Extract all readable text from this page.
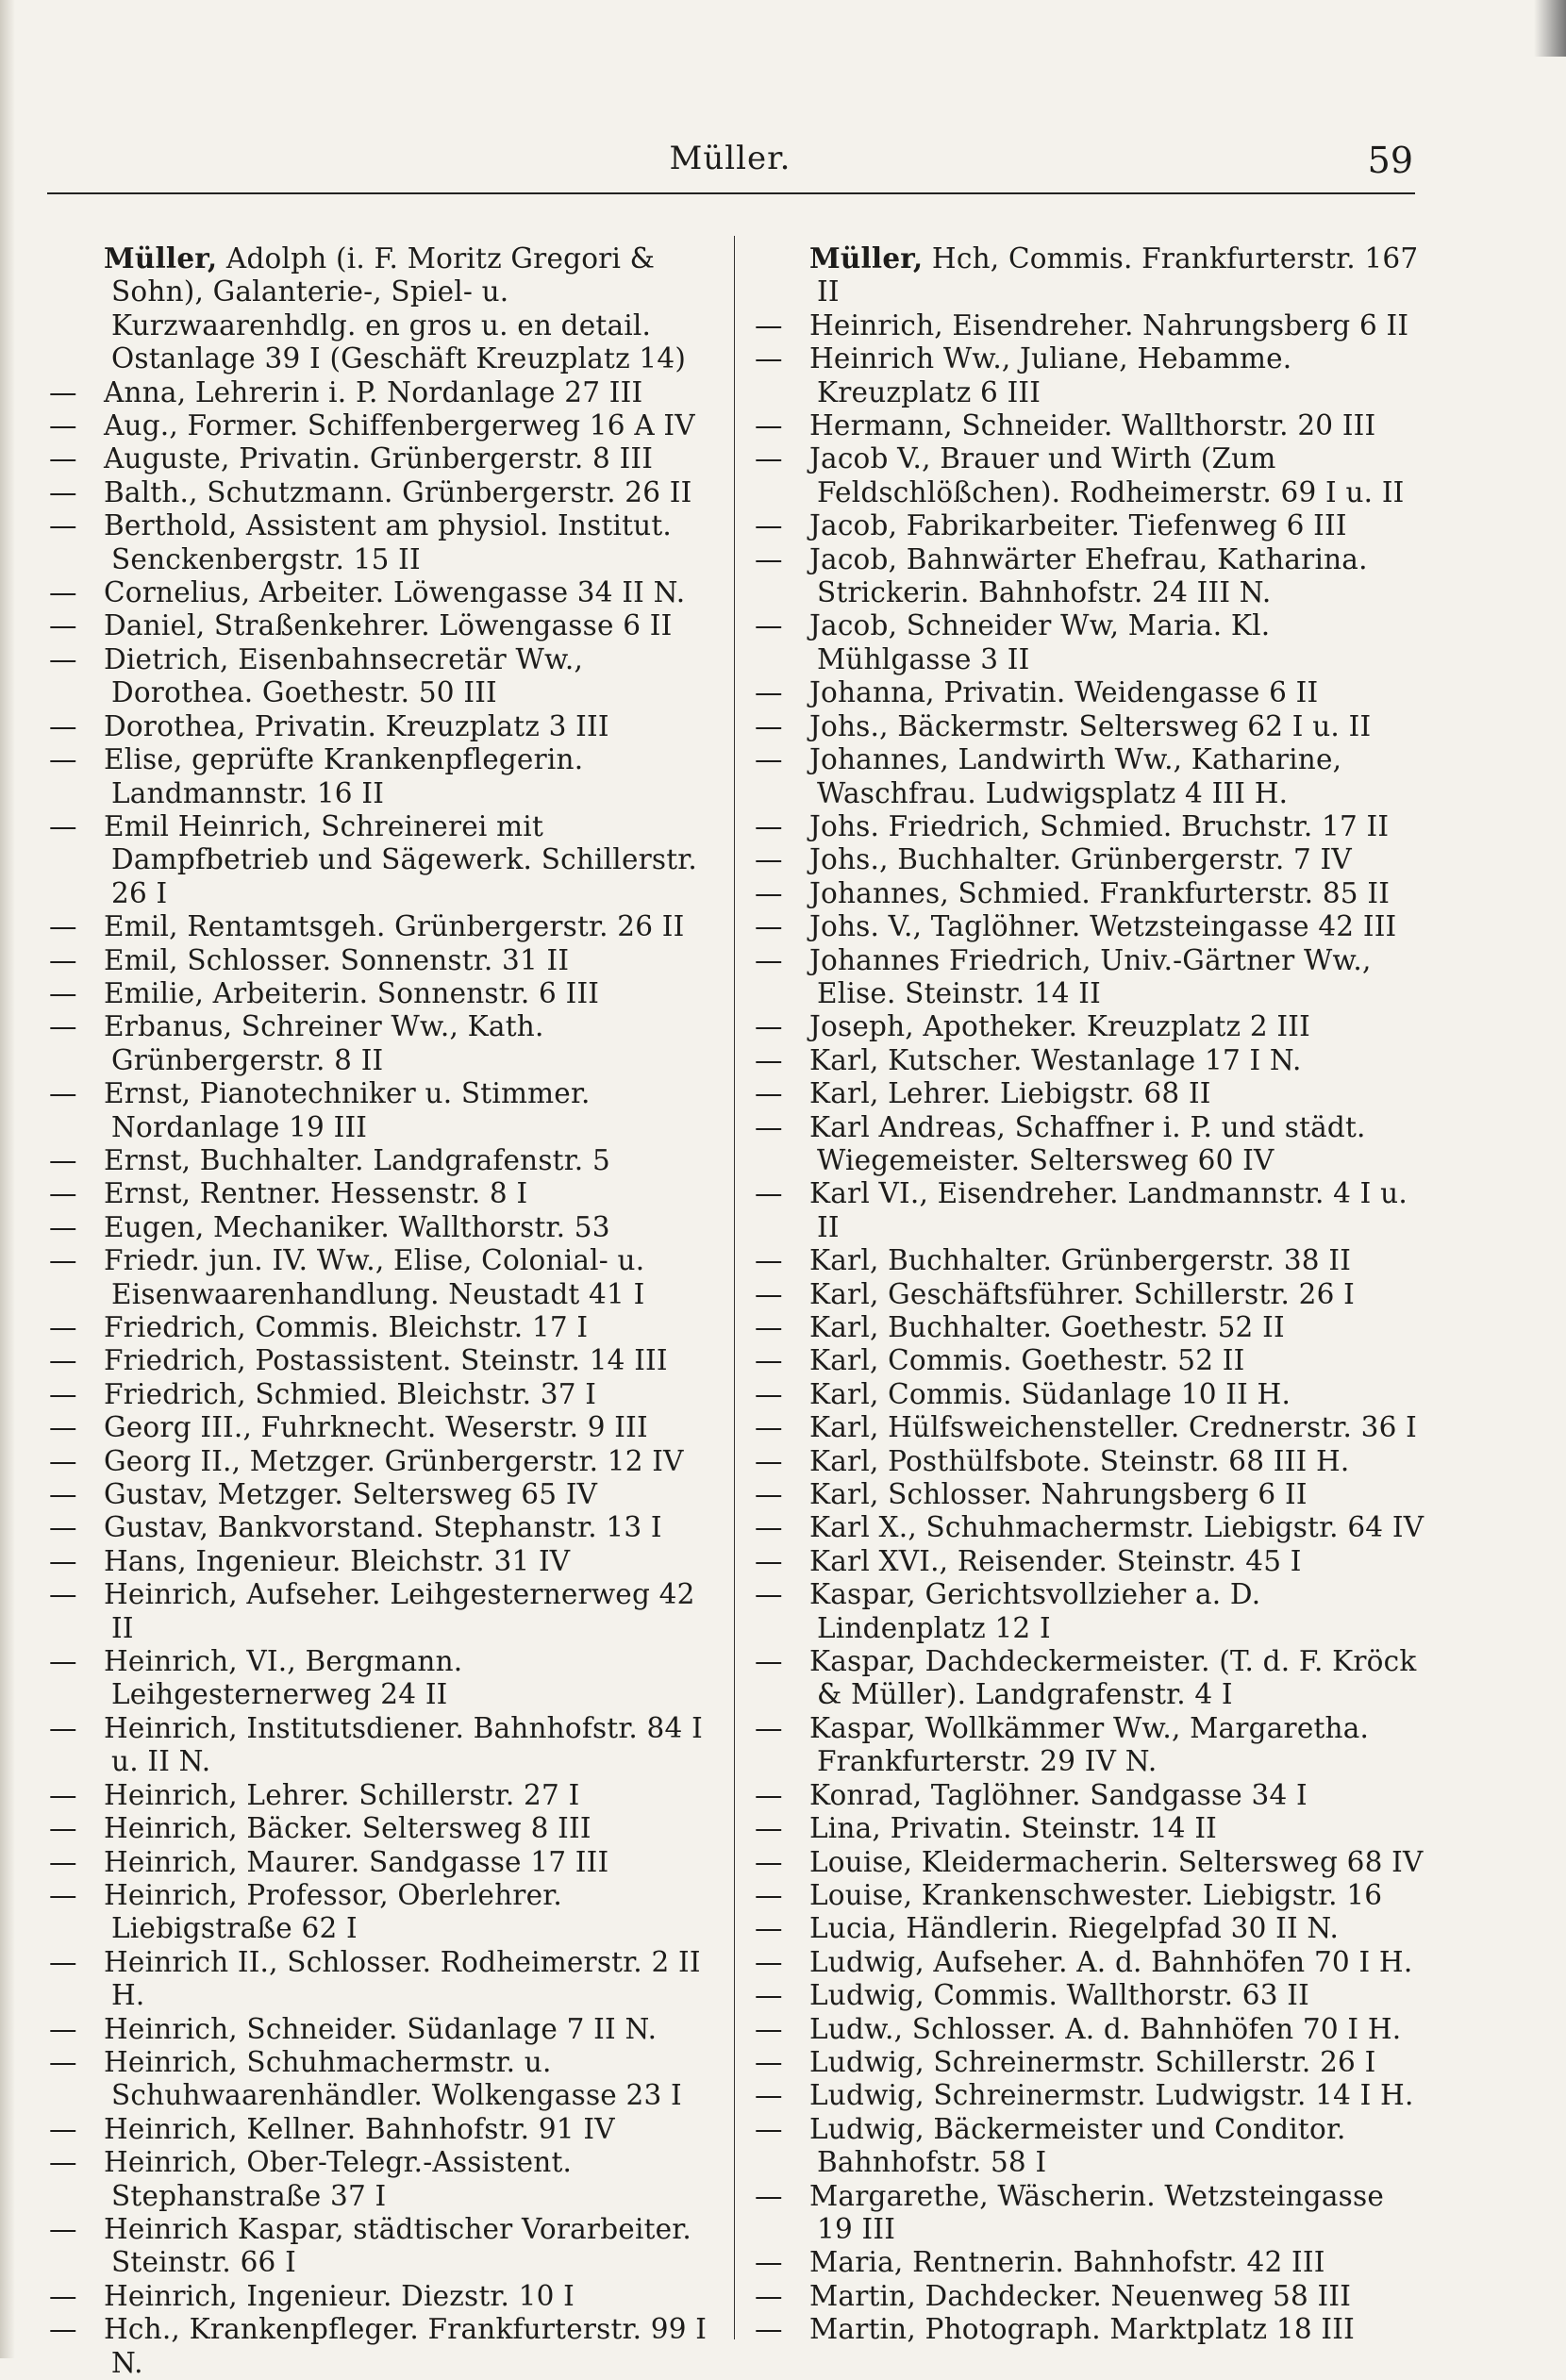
Müller.	59
Müller, Adolph (i. F. Moritz Gregori & Sohn), Galanterie-, Spiel- u. Kurzwaarenhdlg. en gros u. en detail. Ostanlage 39 I (Geschäft Kreuzplatz 14)
— Anna, Lehrerin i. P. Nordanlage 27 III
— Aug., Former. Schiffenbergerweg 16 A IV
— Auguste, Privatin. Grünbergerstr. 8 III
— Balth., Schutzmann. Grünbergerstr. 26 II
— Berthold, Assistent am physiol. Institut. Senckenbergstr. 15 II
— Cornelius, Arbeiter. Löwengasse 34 II N.
— Daniel, Straßenkehrer. Löwengasse 6 II
— Dietrich, Eisenbahnsecretär Ww., Dorothea. Goethestr. 50 III
— Dorothea, Privatin. Kreuzplatz 3 III
— Elise, geprüfte Krankenpflegerin. Landmannstr. 16 II
— Emil Heinrich, Schreinerei mit Dampfbetrieb und Sägewerk. Schillerstr. 26 I
— Emil, Rentamtsgeh. Grünbergerstr. 26 II
— Emil, Schlosser. Sonnenstr. 31 II
— Emilie, Arbeiterin. Sonnenstr. 6 III
— Erbanus, Schreiner Ww., Kath. Grünbergerstr. 8 II
— Ernst, Pianotechniker u. Stimmer. Nordanlage 19 III
— Ernst, Buchhalter. Landgrafenstr. 5
— Ernst, Rentner. Hessenstr. 8 I
— Eugen, Mechaniker. Wallthorstr. 53
— Friedr. jun. IV. Ww., Elise, Colonial- u. Eisenwaarenhandlung. Neustadt 41 I
— Friedrich, Commis. Bleichstr. 17 I
— Friedrich, Postassistent. Steinstr. 14 III
— Friedrich, Schmied. Bleichstr. 37 I
— Georg III., Fuhrknecht. Weserstr. 9 III
— Georg II., Metzger. Grünbergerstr. 12 IV
— Gustav, Metzger. Seltersweg 65 IV
— Gustav, Bankvorstand. Stephanstr. 13 I
— Hans, Ingenieur. Bleichstr. 31 IV
— Heinrich, Aufseher. Leihgesternerweg 42 II
— Heinrich, VI., Bergmann. Leihgesternerweg 24 II
— Heinrich, Institutsdiener. Bahnhofstr. 84 I u. II N.
— Heinrich, Lehrer. Schillerstr. 27 I
— Heinrich, Bäcker. Seltersweg 8 III
— Heinrich, Maurer. Sandgasse 17 III
— Heinrich, Professor, Oberlehrer. Liebigstraße 62 I
— Heinrich II., Schlosser. Rodheimerstr. 2 II H.
— Heinrich, Schneider. Südanlage 7 II N.
— Heinrich, Schuhmachermstr. u. Schuhwaarenhändler. Wolkengasse 23 I
— Heinrich, Kellner. Bahnhofstr. 91 IV
— Heinrich, Ober-Telegr.-Assistent. Stephanstraße 37 I
— Heinrich Kaspar, städtischer Vorarbeiter. Steinstr. 66 I
— Heinrich, Ingenieur. Diezstr. 10 I
— Hch., Krankenpfleger. Frankfurterstr. 99 I N.
Müller, Hch, Commis. Frankfurterstr. 167 II
— Heinrich, Eisendreher. Nahrungsberg 6 II
— Heinrich Ww., Juliane, Hebamme. Kreuzplatz 6 III
— Hermann, Schneider. Wallthorstr. 20 III
— Jacob V., Brauer und Wirth (Zum Feldschlößchen). Rodheimerstr. 69 I u. II
— Jacob, Fabrikarbeiter. Tiefenweg 6 III
— Jacob, Bahnwärter Ehefrau, Katharina. Strickerin. Bahnhofstr. 24 III N.
— Jacob, Schneider Ww, Maria. Kl. Mühlgasse 3 II
— Johanna, Privatin. Weidengasse 6 II
— Johs., Bäckermstr. Seltersweg 62 I u. II
— Johannes, Landwirth Ww., Katharine, Waschfrau. Ludwigsplatz 4 III H.
— Johs. Friedrich, Schmied. Bruchstr. 17 II
— Johs., Buchhalter. Grünbergerstr. 7 IV
— Johannes, Schmied. Frankfurterstr. 85 II
— Johs. V., Taglöhner. Wetzsteingasse 42 III
— Johannes Friedrich, Univ.-Gärtner Ww., Elise. Steinstr. 14 II
— Joseph, Apotheker. Kreuzplatz 2 III
— Karl, Kutscher. Westanlage 17 I N.
— Karl, Lehrer. Liebigstr. 68 II
— Karl Andreas, Schaffner i. P. und städt. Wiegemeister. Seltersweg 60 IV
— Karl VI., Eisendreher. Landmannstr. 4 I u. II
— Karl, Buchhalter. Grünbergerstr. 38 II
— Karl, Geschäftsführer. Schillerstr. 26 I
— Karl, Buchhalter. Goethestr. 52 II
— Karl, Commis. Goethestr. 52 II
— Karl, Commis. Südanlage 10 II H.
— Karl, Hülfsweichensteller. Crednerstr. 36 I
— Karl, Posthülfsbote. Steinstr. 68 III H.
— Karl, Schlosser. Nahrungsberg 6 II
— Karl X., Schuhmachermstr. Liebigstr. 64 IV
— Karl XVI., Reisender. Steinstr. 45 I
— Kaspar, Gerichtsvollzieher a. D. Lindenplatz 12 I
— Kaspar, Dachdeckermeister. (T. d. F. Kröck & Müller). Landgrafenstr. 4 I
— Kaspar, Wollkämmer Ww., Margaretha. Frankfurterstr. 29 IV N.
— Konrad, Taglöhner. Sandgasse 34 I
— Lina, Privatin. Steinstr. 14 II
— Louise, Kleidermacherin. Seltersweg 68 IV
— Louise, Krankenschwester. Liebigstr. 16
— Lucia, Händlerin. Riegelpfad 30 II N.
— Ludwig, Aufseher. A. d. Bahnhöfen 70 I H.
— Ludwig, Commis. Wallthorstr. 63 II
— Ludw., Schlosser. A. d. Bahnhöfen 70 I H.
— Ludwig, Schreinermstr. Schillerstr. 26 I
— Ludwig, Schreinermstr. Ludwigstr. 14 I H.
— Ludwig, Bäckermeister und Conditor. Bahnhofstr. 58 I
— Margarethe, Wäscherin. Wetzsteingasse 19 III
— Maria, Rentnerin. Bahnhofstr. 42 III
— Martin, Dachdecker. Neuenweg 58 III
— Martin, Photograph. Marktplatz 18 III
